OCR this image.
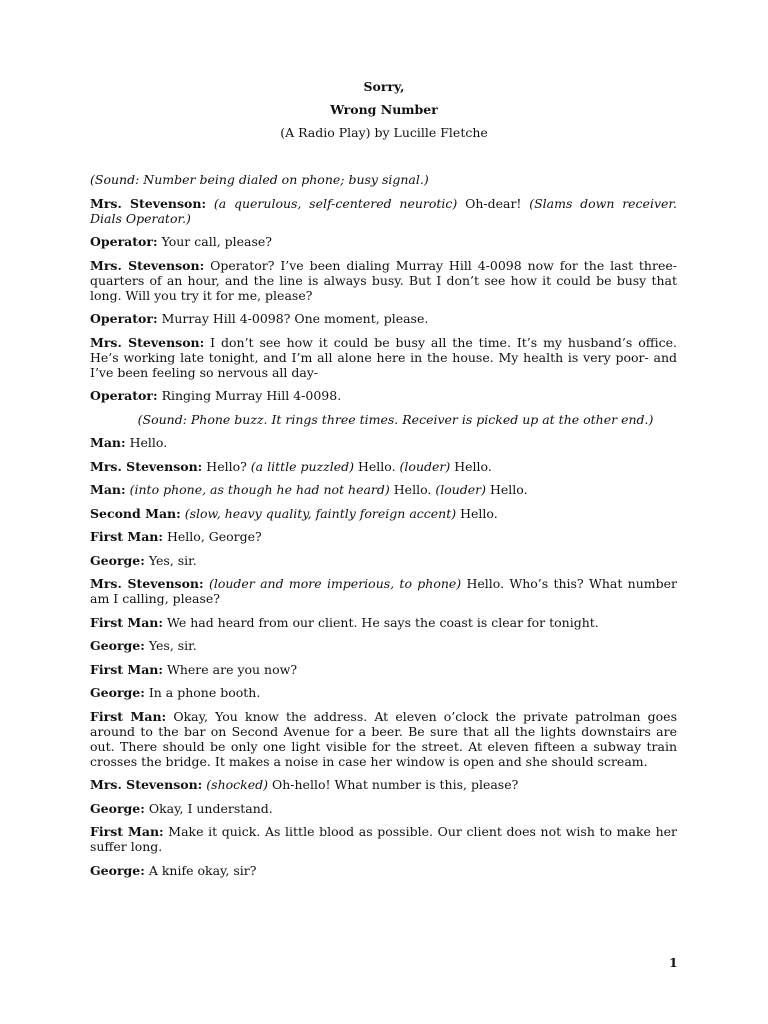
Sorry,

Wrong Number

(A Radio Play) by Lucille Fletche

(Sound: Number being dialed on phone; busy signal.)

Mrs. Stevenson: (a querulous, self-centered neurotic) Oh-dear! (Slams down receiver. Dials Operator.)

Operator: Your call, please?

Mrs. Stevenson: Operator? I’ve been dialing Murray Hill 4-0098 now for the last three-quarters of an hour, and the line is always busy. But I don’t see how it could be busy that long. Will you try it for me, please?

Operator: Murray Hill 4-0098? One moment, please.

Mrs. Stevenson: I don’t see how it could be busy all the time. It’s my husband’s office. He’s working late tonight, and I’m all alone here in the house. My health is very poor- and I’ve been feeling so nervous all day-

Operator: Ringing Murray Hill 4-0098.

(Sound: Phone buzz. It rings three times. Receiver is picked up at the other end.)

Man: Hello.

Mrs. Stevenson: Hello? (a little puzzled) Hello. (louder) Hello.

Man: (into phone, as though he had not heard) Hello. (louder) Hello.

Second Man: (slow, heavy quality, faintly foreign accent) Hello.

First Man: Hello, George?

George: Yes, sir.

Mrs. Stevenson: (louder and more imperious, to phone) Hello. Who’s this? What number am I calling, please?

First Man: We had heard from our client. He says the coast is clear for tonight.

George: Yes, sir.

First Man: Where are you now?

George: In a phone booth.

First Man: Okay, You know the address. At eleven o’clock the private patrolman goes around to the bar on Second Avenue for a beer. Be sure that all the lights downstairs are out. There should be only one light visible for the street. At eleven fifteen a subway train crosses the bridge. It makes a noise in case her window is open and she should scream.

Mrs. Stevenson: (shocked) Oh-hello! What number is this, please?

George: Okay, I understand.

First Man: Make it quick. As little blood as possible. Our client does not wish to make her suffer long.

George: A knife okay, sir?

1
